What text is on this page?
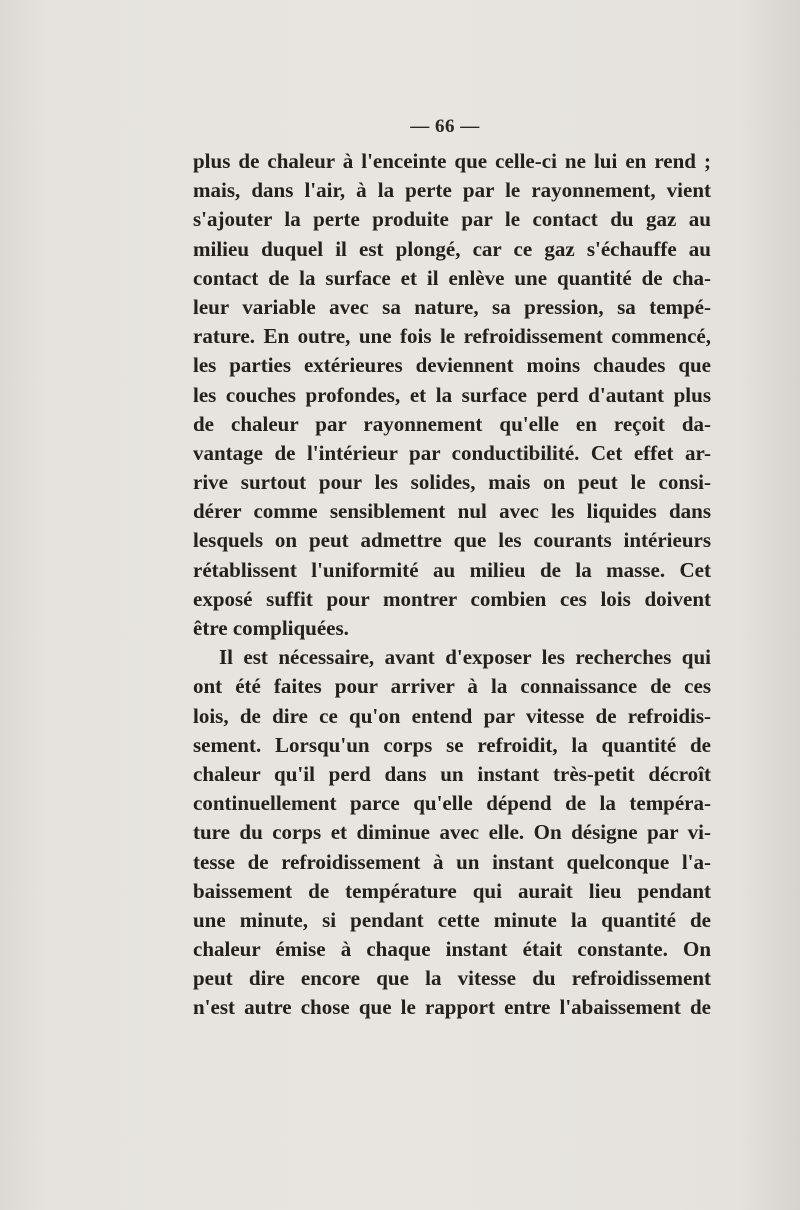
— 66 —
plus de chaleur à l'enceinte que celle-ci ne lui en rend ;
mais, dans l'air, à la perte par le rayonnement, vient
s'ajouter la perte produite par le contact du gaz au
milieu duquel il est plongé, car ce gaz s'échauffe au
contact de la surface et il enlève une quantité de cha-
leur variable avec sa nature, sa pression, sa tempé-
rature. En outre, une fois le refroidissement commencé,
les parties extérieures deviennent moins chaudes que
les couches profondes, et la surface perd d'autant plus
de chaleur par rayonnement qu'elle en reçoit da-
vantage de l'intérieur par conductibilité. Cet effet ar-
rive surtout pour les solides, mais on peut le consi-
dérer comme sensiblement nul avec les liquides dans
lesquels on peut admettre que les courants intérieurs
rétablissent l'uniformité au milieu de la masse. Cet
exposé suffit pour montrer combien ces lois doivent
être compliquées.
Il est nécessaire, avant d'exposer les recherches qui
ont été faites pour arriver à la connaissance de ces
lois, de dire ce qu'on entend par vitesse de refroidis-
sement. Lorsqu'un corps se refroidit, la quantité de
chaleur qu'il perd dans un instant très-petit décroît
continuellement parce qu'elle dépend de la tempéra-
ture du corps et diminue avec elle. On désigne par vi-
tesse de refroidissement à un instant quelconque l'a-
baissement de température qui aurait lieu pendant
une minute, si pendant cette minute la quantité de
chaleur émise à chaque instant était constante. On
peut dire encore que la vitesse du refroidissement
n'est autre chose que le rapport entre l'abaissement de
